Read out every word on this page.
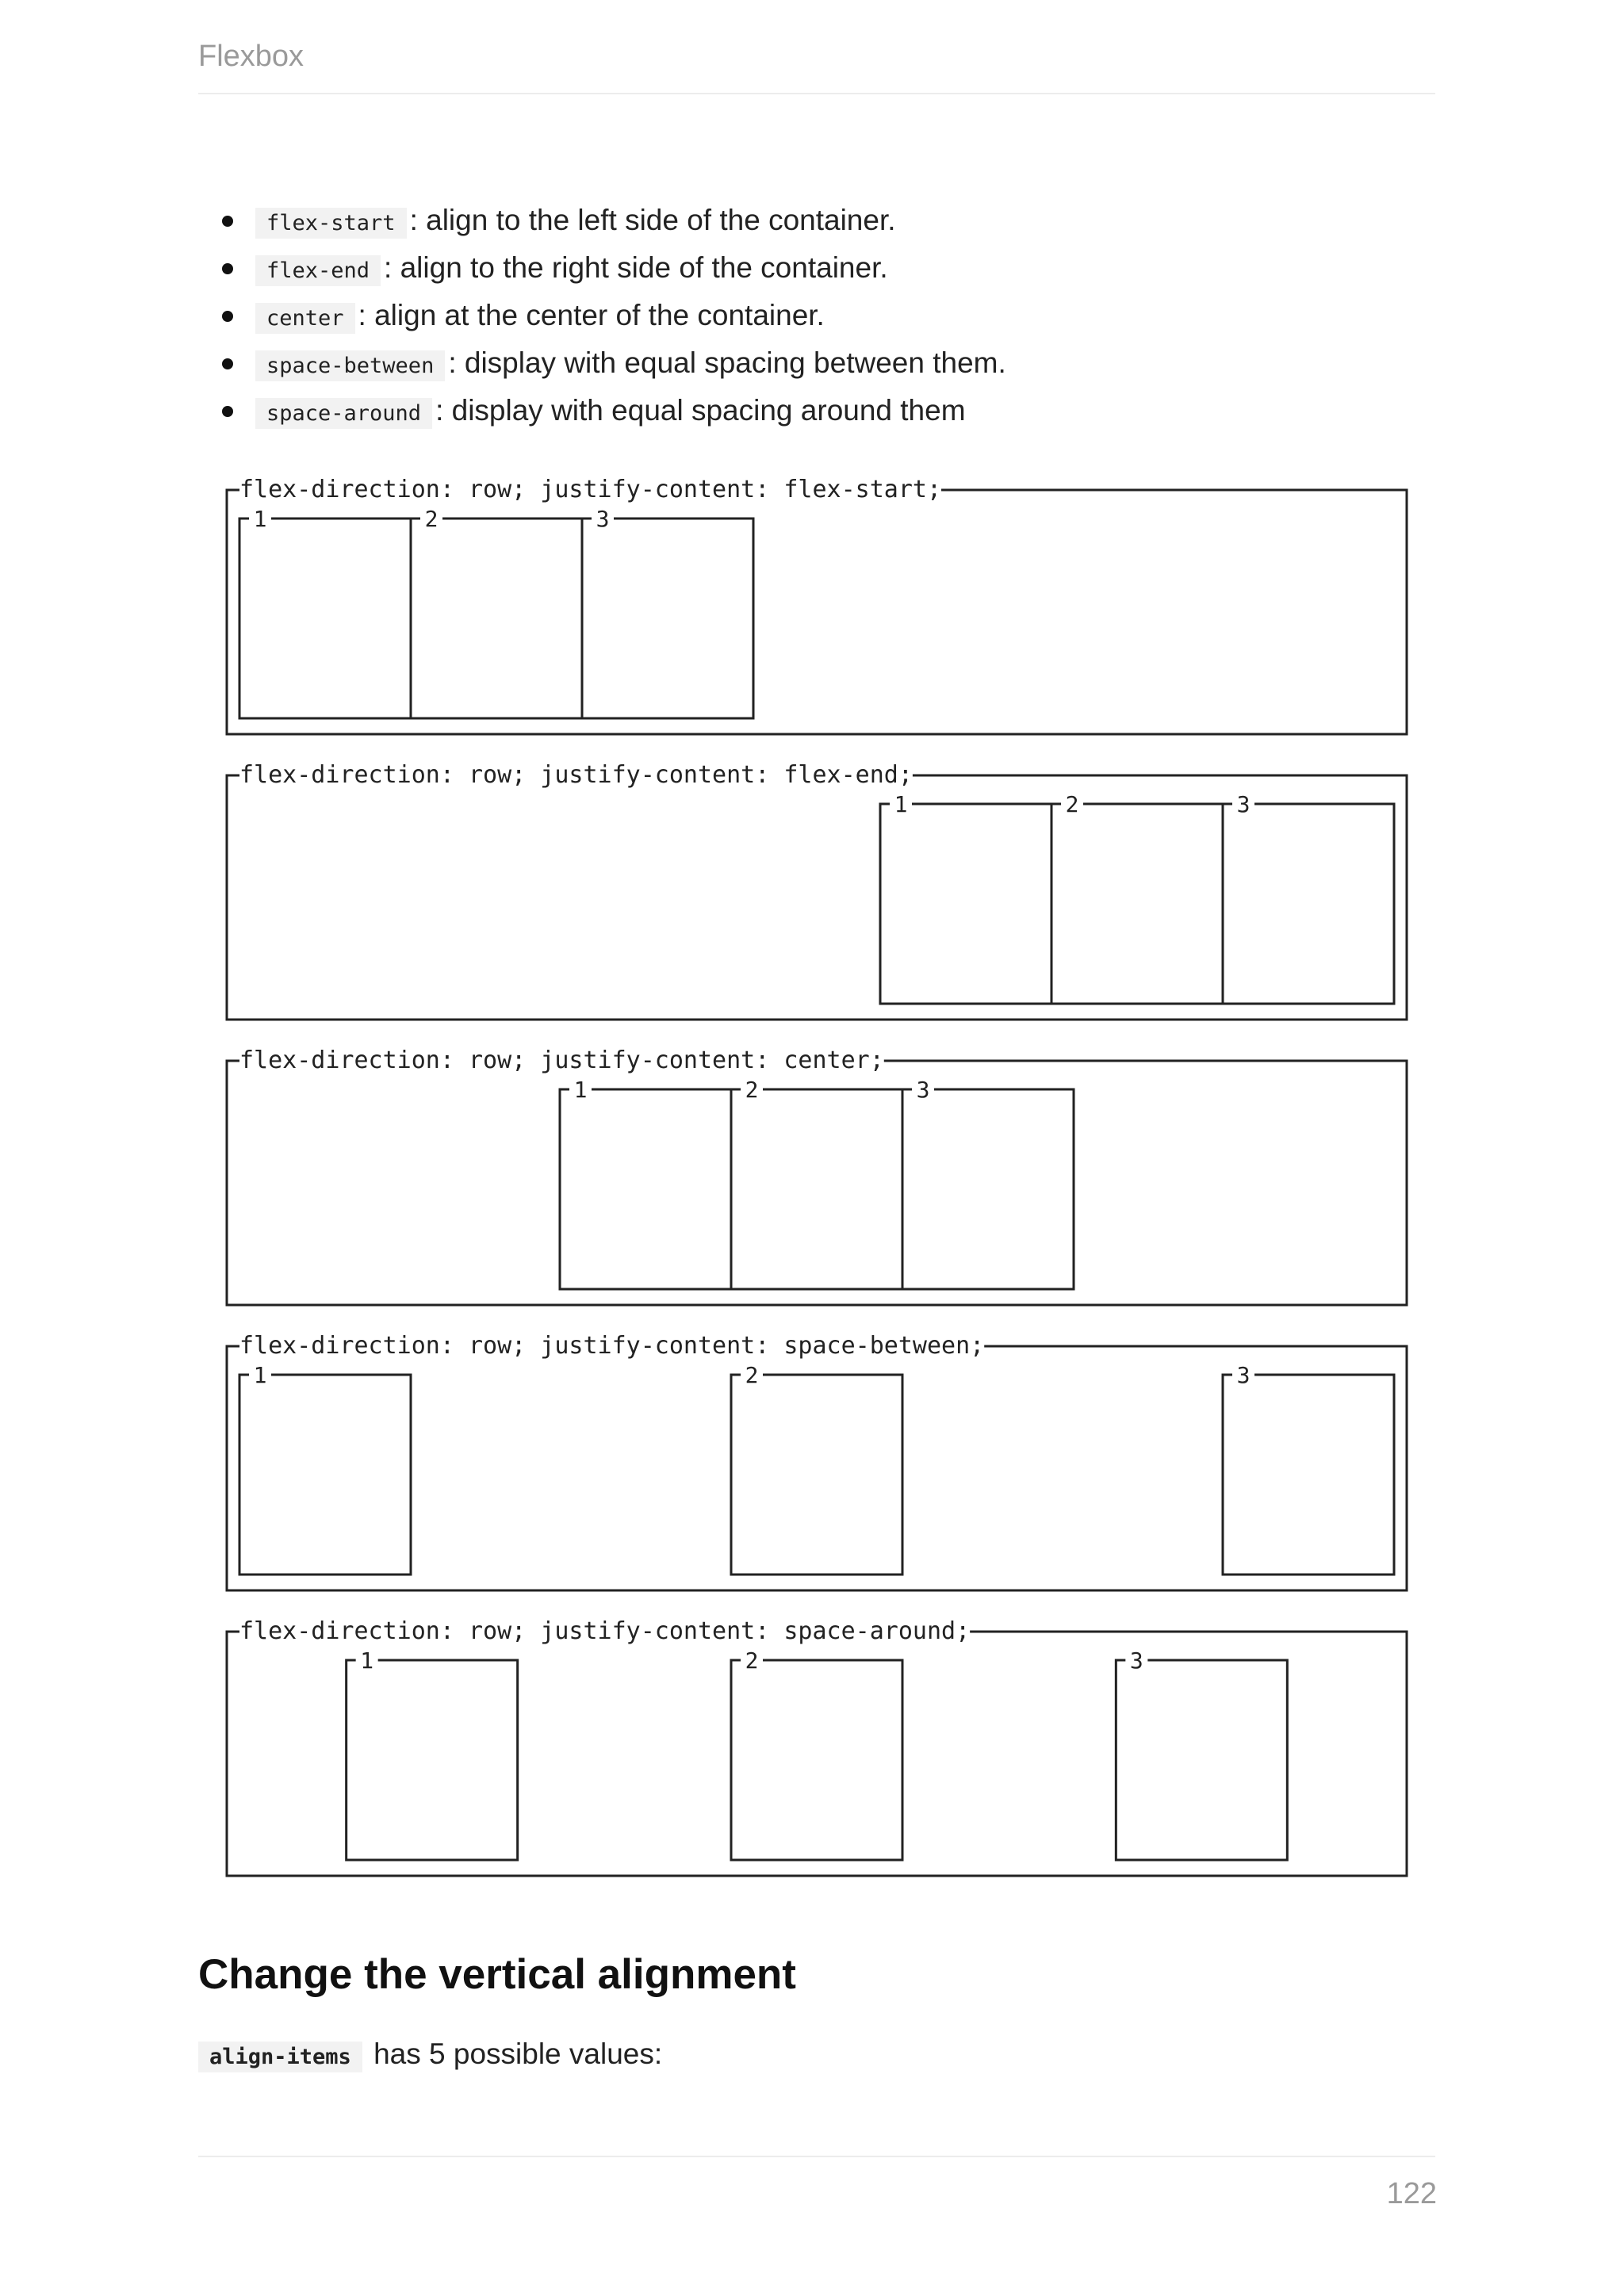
Flexbox
flex-start : align to the left side of the container.
flex-end : align to the right side of the container.
center : align at the center of the container.
space-between : display with equal spacing between them.
space-around : display with equal spacing around them
flex-direction: row; justify-content: flex-start;
1	2	3
flex-direction: row; justify-content: flex-end;
1	2	3
flex-direction: row; justify-content: center;
1	2	3
flex-direction: row; justify-content: space-between;
1	2	3
flex-direction: row; justify-content: space-around;
1	2	3
Change the vertical alignment
align-items has 5 possible values:
122
